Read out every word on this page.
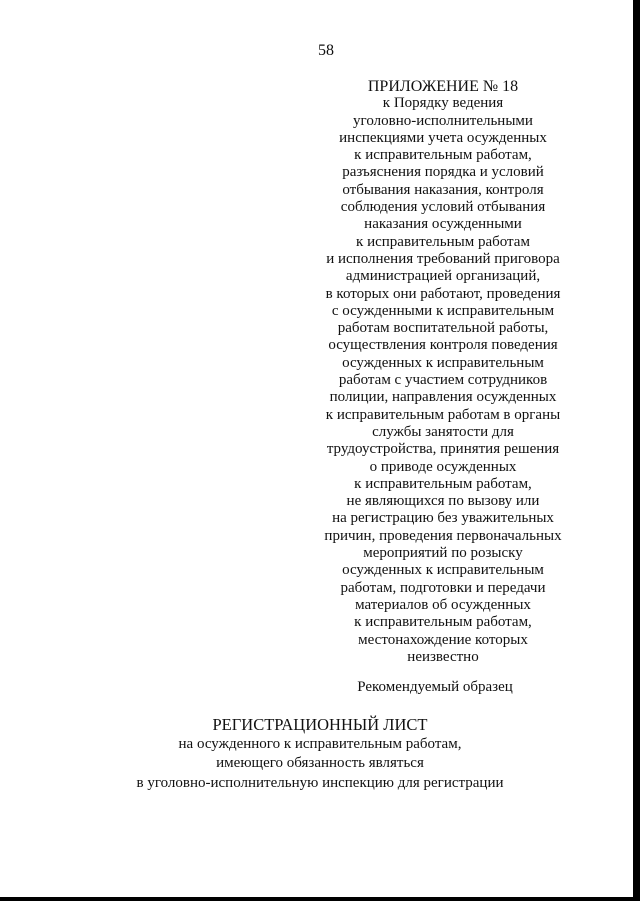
58
ПРИЛОЖЕНИЕ № 18
к Порядку ведения
уголовно-исполнительными
инспекциями учета осужденных
к исправительным работам,
разъяснения порядка и условий
отбывания наказания, контроля
соблюдения условий отбывания
наказания осужденными
к исправительным работам
и исполнения требований приговора
администрацией организаций,
в которых они работают, проведения
с осужденными к исправительным
работам воспитательной работы,
осуществления контроля поведения
осужденных к исправительным
работам с участием сотрудников
полиции, направления осужденных
к исправительным работам в органы
службы занятости для
трудоустройства, принятия решения
о приводе осужденных
к исправительным работам,
не являющихся по вызову или
на регистрацию без уважительных
причин, проведения первоначальных
мероприятий по розыску
осужденных к исправительным
работам, подготовки и передачи
материалов об осужденных
к исправительным работам,
местонахождение которых
неизвестно
Рекомендуемый образец
РЕГИСТРАЦИОННЫЙ ЛИСТ
на осужденного к исправительным работам,
имеющего обязанность являться
в уголовно-исполнительную инспекцию для регистрации
